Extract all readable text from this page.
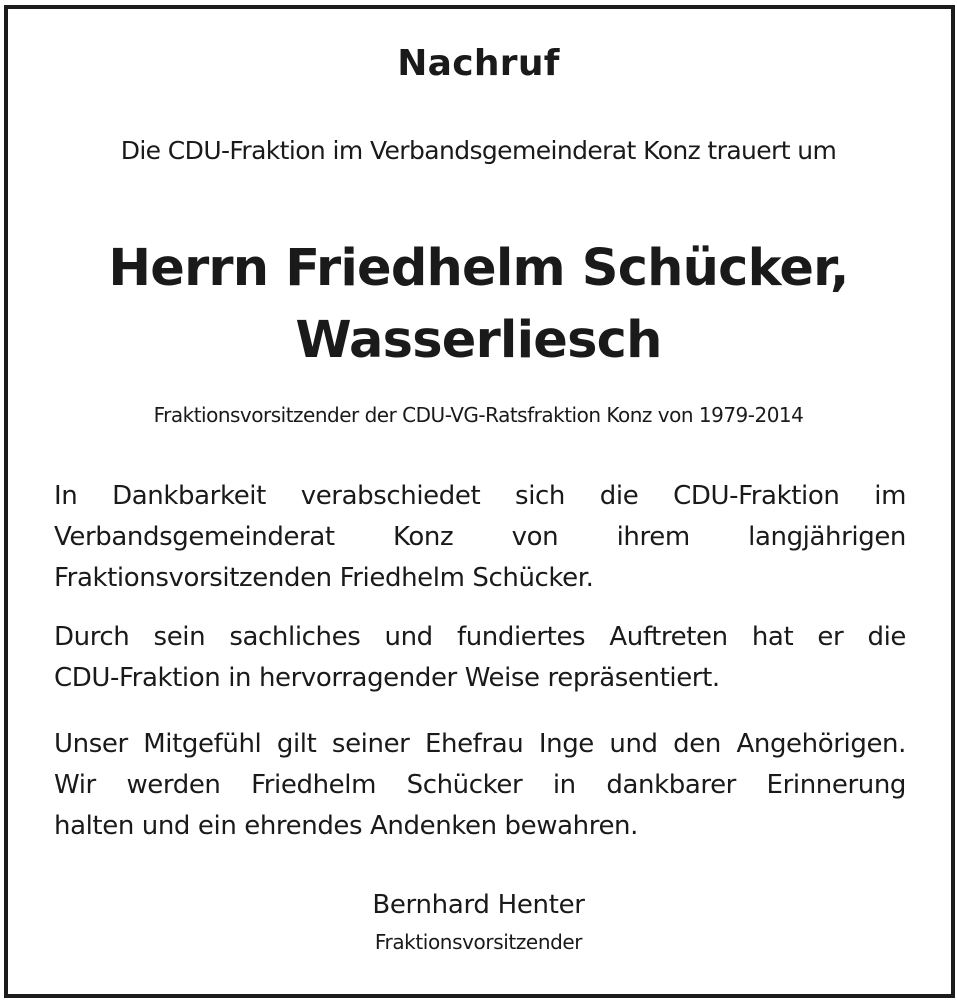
Nachruf
Die CDU-Fraktion im Verbandsgemeinderat Konz trauert um
Herrn Friedhelm Schücker,
Wasserliesch
Fraktionsvorsitzender der CDU-VG-Ratsfraktion Konz von 1979-2014
In Dankbarkeit verabschiedet sich die CDU-Fraktion im
Verbandsgemeinderat Konz von ihrem langjährigen
Fraktionsvorsitzenden Friedhelm Schücker.
Durch sein sachliches und fundiertes Auftreten hat er die
CDU-Fraktion in hervorragender Weise repräsentiert.
Unser Mitgefühl gilt seiner Ehefrau Inge und den Angehörigen.
Wir werden Friedhelm Schücker in dankbarer Erinnerung
halten und ein ehrendes Andenken bewahren.
Bernhard Henter
Fraktionsvorsitzender
